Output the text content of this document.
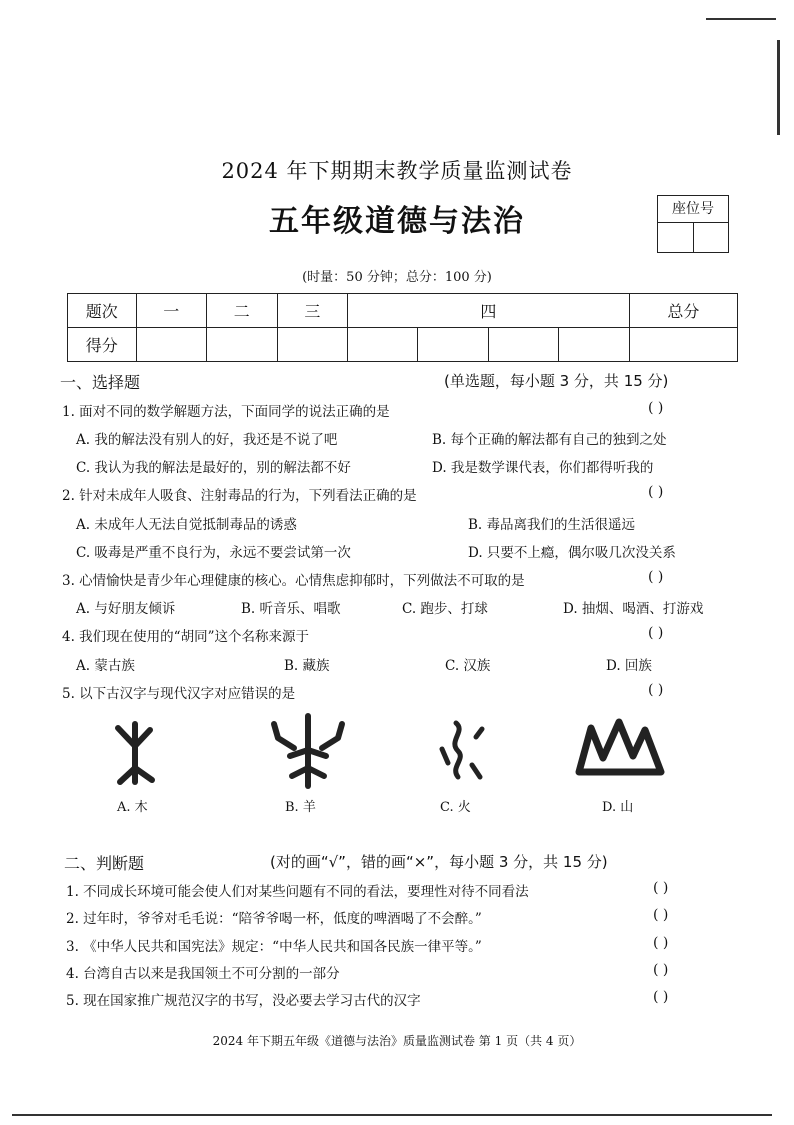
2024 年下期期末教学质量监测试卷
五年级道德与法治	座位号
(时量：50 分钟；总分：100 分)
题次	一	二	三	四				总分
得分								
一、选择题	(单选题，每小题 3 分，共 15 分)
1. 面对不同的数学解题方法，下面同学的说法正确的是	( )
A. 我的解法没有别人的好，我还是不说了吧	B. 每个正确的解法都有自己的独到之处
C. 我认为我的解法是最好的，别的解法都不好	D. 我是数学课代表，你们都得听我的
2. 针对未成年人吸食、注射毒品的行为，下列看法正确的是	( )
A. 未成年人无法自觉抵制毒品的诱惑	B. 毒品离我们的生活很遥远
C. 吸毒是严重不良行为，永远不要尝试第一次	D. 只要不上瘾，偶尔吸几次没关系
3. 心情愉快是青少年心理健康的核心。心情焦虑抑郁时，下列做法不可取的是	( )
A. 与好朋友倾诉	B. 听音乐、唱歌	C. 跑步、打球	D. 抽烟、喝酒、打游戏
4. 我们现在使用的“胡同”这个名称来源于	( )
A. 蒙古族	B. 藏族	C. 汉族	D. 回族
5. 以下古汉字与现代汉字对应错误的是	( )
A. 木	B. 羊	C. 火	D. 山
二、判断题	(对的画“√”，错的画“×”，每小题 3 分，共 15 分)
1. 不同成长环境可能会使人们对某些问题有不同的看法，要理性对待不同看法	( )
2. 过年时，爷爷对毛毛说：“陪爷爷喝一杯，低度的啤酒喝了不会醉。”	( )
3. 《中华人民共和国宪法》规定：“中华人民共和国各民族一律平等。”	( )
4. 台湾自古以来是我国领土不可分割的一部分	( )
5. 现在国家推广规范汉字的书写，没必要去学习古代的汉字	( )
2024 年下期五年级《道德与法治》质量监测试卷 第 1 页（共 4 页）
